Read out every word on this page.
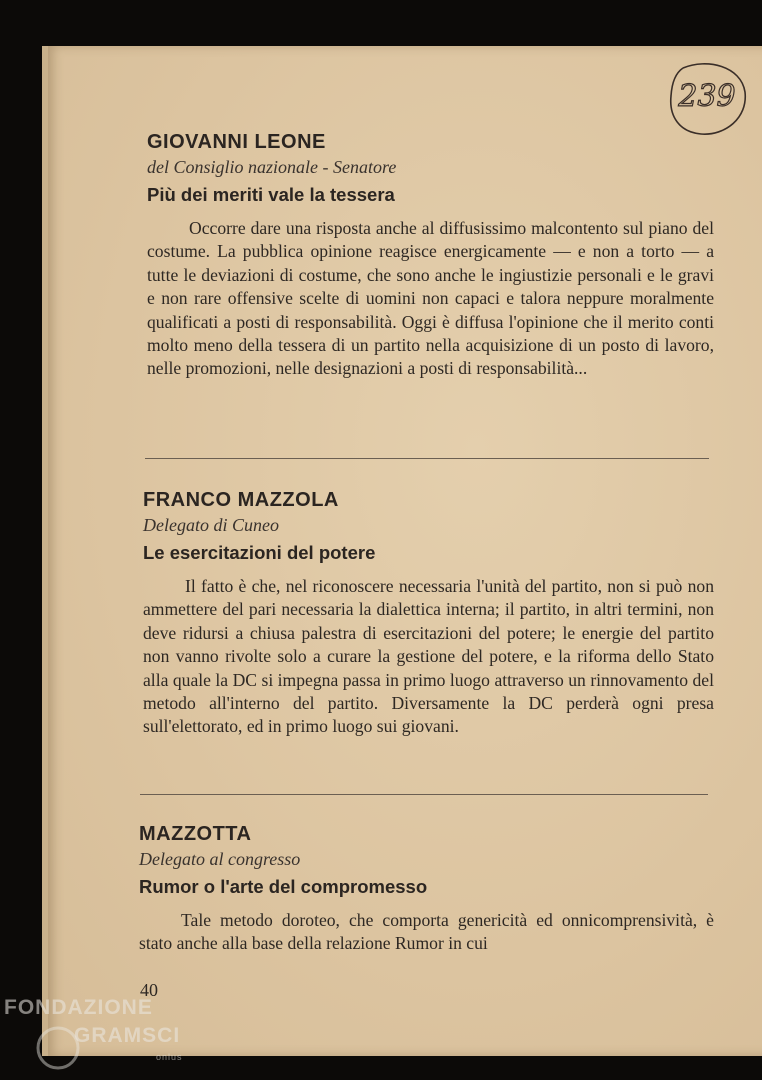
239
GIOVANNI LEONE
del Consiglio nazionale - Senatore
Più dei meriti vale la tessera
Occorre dare una risposta anche al diffusissimo malcontento sul piano del costume. La pubblica opinione reagisce energicamente — e non a torto — a tutte le deviazioni di costume, che sono anche le ingiustizie personali e le gravi e non rare offensive scelte di uomini non capaci e talora neppure moralmente qualificati a posti di responsabilità. Oggi è diffusa l'opinione che il merito conti molto meno della tessera di un partito nella acquisizione di un posto di lavoro, nelle promozioni, nelle designazioni a posti di responsabilità...
FRANCO MAZZOLA
Delegato di Cuneo
Le esercitazioni del potere
Il fatto è che, nel riconoscere necessaria l'unità del partito, non si può non ammettere del pari necessaria la dialettica interna; il partito, in altri termini, non deve ridursi a chiusa palestra di esercitazioni del potere; le energie del partito non vanno rivolte solo a curare la gestione del potere, e la riforma dello Stato alla quale la DC si impegna passa in primo luogo attraverso un rinnovamento del metodo all'interno del partito. Diversamente la DC perderà ogni presa sull'elettorato, ed in primo luogo sui giovani.
MAZZOTTA
Delegato al congresso
Rumor o l'arte del compromesso
Tale metodo doroteo, che comporta genericità ed onnicomprensività, è stato anche alla base della relazione Rumor in cui
40
FONDAZIONE
GRAMSCI
onlus
